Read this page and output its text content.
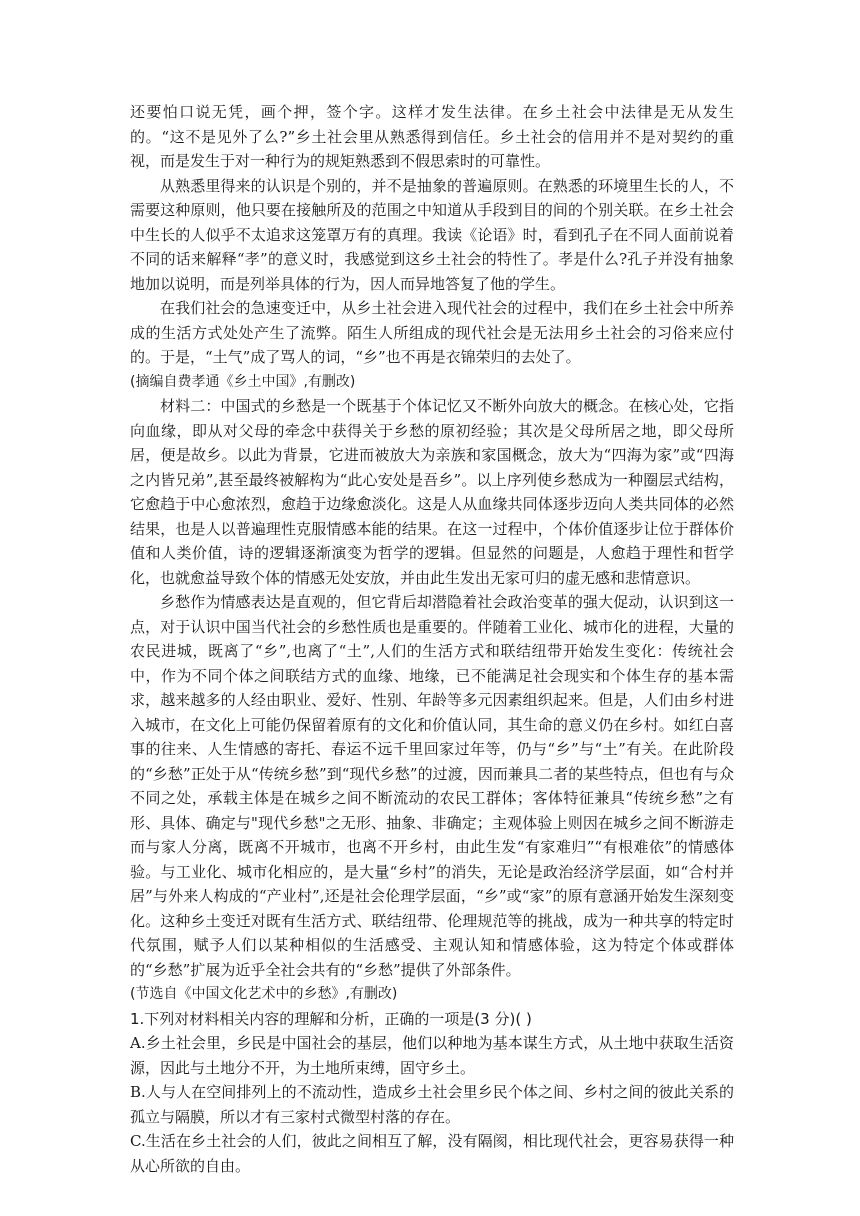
还要怕口说无凭，画个押，签个字。这样才发生法律。在乡土社会中法律是无从发生的。“这不是见外了么?”乡土社会里从熟悉得到信任。乡土社会的信用并不是对契约的重视，而是发生于对一种行为的规矩熟悉到不假思索时的可靠性。

从熟悉里得来的认识是个别的，并不是抽象的普遍原则。在熟悉的环境里生长的人，不需要这种原则，他只要在接触所及的范围之中知道从手段到目的间的个别关联。在乡土社会中生长的人似乎不太追求这笼罩万有的真理。我读《论语》时，看到孔子在不同人面前说着不同的话来解释“孝”的意义时，我感觉到这乡土社会的特性了。孝是什么?孔子并没有抽象地加以说明，而是列举具体的行为，因人而异地答复了他的学生。

在我们社会的急速变迁中，从乡土社会进入现代社会的过程中，我们在乡土社会中所养成的生活方式处处产生了流弊。陌生人所组成的现代社会是无法用乡土社会的习俗来应付的。于是，“土气”成了骂人的词，“乡”也不再是衣锦荣归的去处了。

(摘编自费孝通《乡土中国》,有删改)

材料二：中国式的乡愁是一个既基于个体记忆又不断外向放大的概念。在核心处，它指向血缘，即从对父母的牵念中获得关于乡愁的原初经验；其次是父母所居之地，即父母所居，便是故乡。以此为背景，它进而被放大为亲族和家国概念，放大为“四海为家”或“四海之内皆兄弟”,甚至最终被解构为“此心安处是吾乡”。以上序列使乡愁成为一种圈层式结构，它愈趋于中心愈浓烈，愈趋于边缘愈淡化。这是人从血缘共同体逐步迈向人类共同体的必然结果，也是人以普遍理性克服情感本能的结果。在这一过程中，个体价值逐步让位于群体价值和人类价值，诗的逻辑逐渐演变为哲学的逻辑。但显然的问题是，人愈趋于理性和哲学化，也就愈益导致个体的情感无处安放，并由此生发出无家可归的虚无感和悲情意识。

乡愁作为情感表达是直观的，但它背后却潜隐着社会政治变革的强大促动，认识到这一点，对于认识中国当代社会的乡愁性质也是重要的。伴随着工业化、城市化的进程，大量的农民进城，既离了“乡”,也离了“土”,人们的生活方式和联结纽带开始发生变化：传统社会中，作为不同个体之间联结方式的血缘、地缘，已不能满足社会现实和个体生存的基本需求，越来越多的人经由职业、爱好、性别、年龄等多元因素组织起来。但是，人们由乡村进入城市，在文化上可能仍保留着原有的文化和价值认同，其生命的意义仍在乡村。如红白喜事的往来、人生情感的寄托、春运不远千里回家过年等，仍与“乡”与“土”有关。在此阶段的“乡愁”正处于从“传统乡愁”到“现代乡愁”的过渡，因而兼具二者的某些特点，但也有与众不同之处，承载主体是在城乡之间不断流动的农民工群体；客体特征兼具“传统乡愁”之有形、具体、确定与"现代乡愁"之无形、抽象、非确定；主观体验上则因在城乡之间不断游走而与家人分离，既离不开城市，也离不开乡村，由此生发“有家难归”“有根难依”的情感体验。与工业化、城市化相应的，是大量“乡村”的消失，无论是政治经济学层面，如“合村并居”与外来人构成的“产业村”,还是社会伦理学层面，“乡”或“家”的原有意涵开始发生深刻变化。这种乡土变迁对既有生活方式、联结纽带、伦理规范等的挑战，成为一种共享的特定时代氛围，赋予人们以某种相似的生活感受、主观认知和情感体验，这为特定个体或群体的“乡愁”扩展为近乎全社会共有的“乡愁”提供了外部条件。

(节选自《中国文化艺术中的乡愁》,有删改)

1.下列对材料相关内容的理解和分析，正确的一项是(3 分)( )

A.乡土社会里，乡民是中国社会的基层，他们以种地为基本谋生方式，从土地中获取生活资源，因此与土地分不开，为土地所束缚，固守乡土。

B.人与人在空间排列上的不流动性，造成乡土社会里乡民个体之间、乡村之间的彼此关系的孤立与隔膜，所以才有三家村式微型村落的存在。

C.生活在乡土社会的人们，彼此之间相互了解，没有隔阂，相比现代社会，更容易获得一种从心所欲的自由。
